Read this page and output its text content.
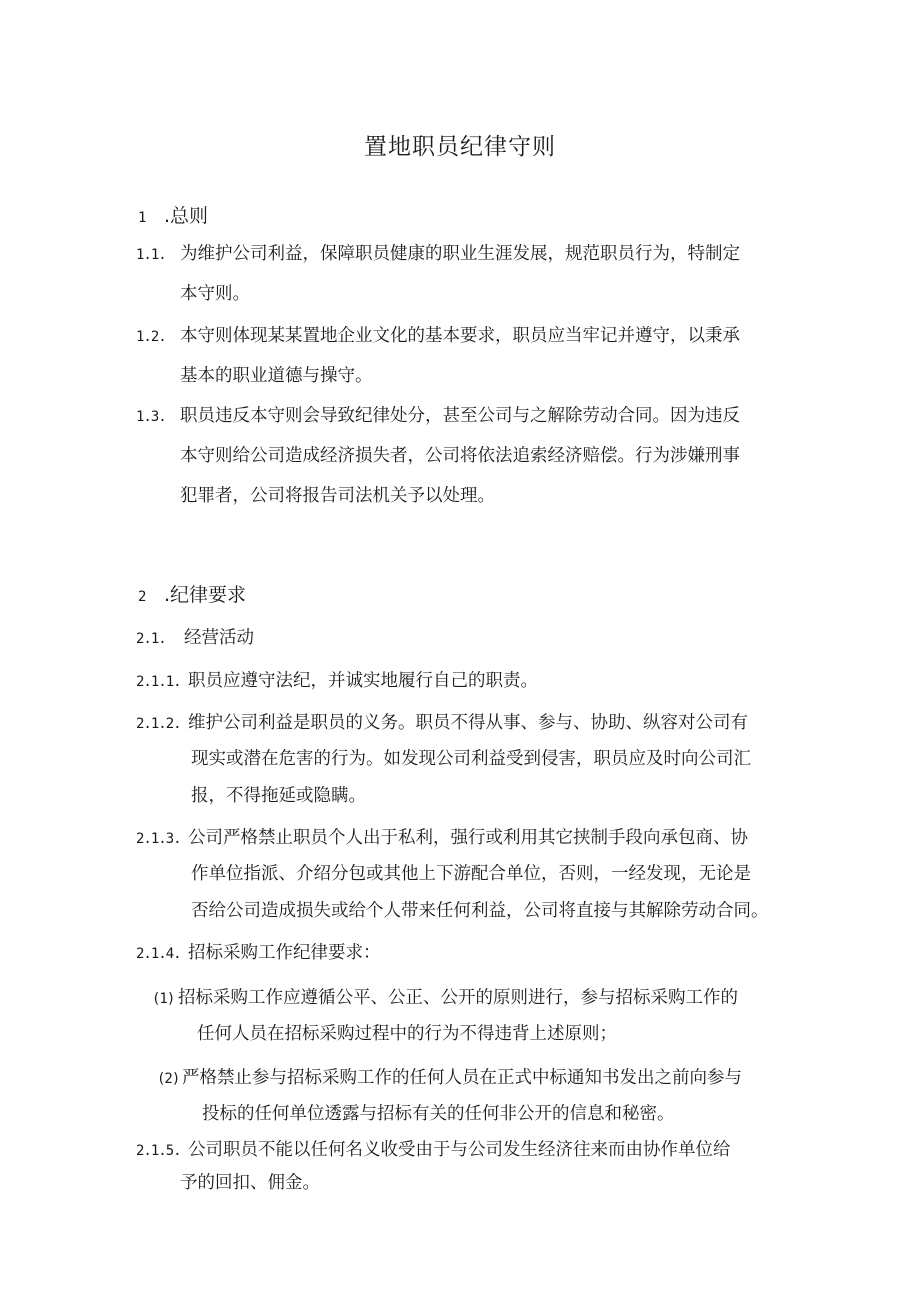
置地职员纪律守则
1 .总则
1.1. 为维护公司利益，保障职员健康的职业生涯发展，规范职员行为，特制定
本守则。
1.2. 本守则体现某某置地企业文化的基本要求，职员应当牢记并遵守，以秉承
基本的职业道德与操守。
1.3. 职员违反本守则会导致纪律处分，甚至公司与之解除劳动合同。因为违反
本守则给公司造成经济损失者，公司将依法追索经济赔偿。行为涉嫌刑事
犯罪者，公司将报告司法机关予以处理。
2 .纪律要求
2.1. 经营活动
2.1.1. 职员应遵守法纪，并诚实地履行自己的职责。
2.1.2. 维护公司利益是职员的义务。职员不得从事、参与、协助、纵容对公司有
现实或潜在危害的行为。如发现公司利益受到侵害，职员应及时向公司汇
报，不得拖延或隐瞒。
2.1.3. 公司严格禁止职员个人出于私利，强行或利用其它挟制手段向承包商、协
作单位指派、介绍分包或其他上下游配合单位，否则，一经发现，无论是
否给公司造成损失或给个人带来任何利益，公司将直接与其解除劳动合同。
2.1.4. 招标采购工作纪律要求：
(1) 招标采购工作应遵循公平、公正、公开的原则进行，参与招标采购工作的
任何人员在招标采购过程中的行为不得违背上述原则；
(2) 严格禁止参与招标采购工作的任何人员在正式中标通知书发出之前向参与
投标的任何单位透露与招标有关的任何非公开的信息和秘密。
2.1.5. 公司职员不能以任何名义收受由于与公司发生经济往来而由协作单位给
予的回扣、佣金。
